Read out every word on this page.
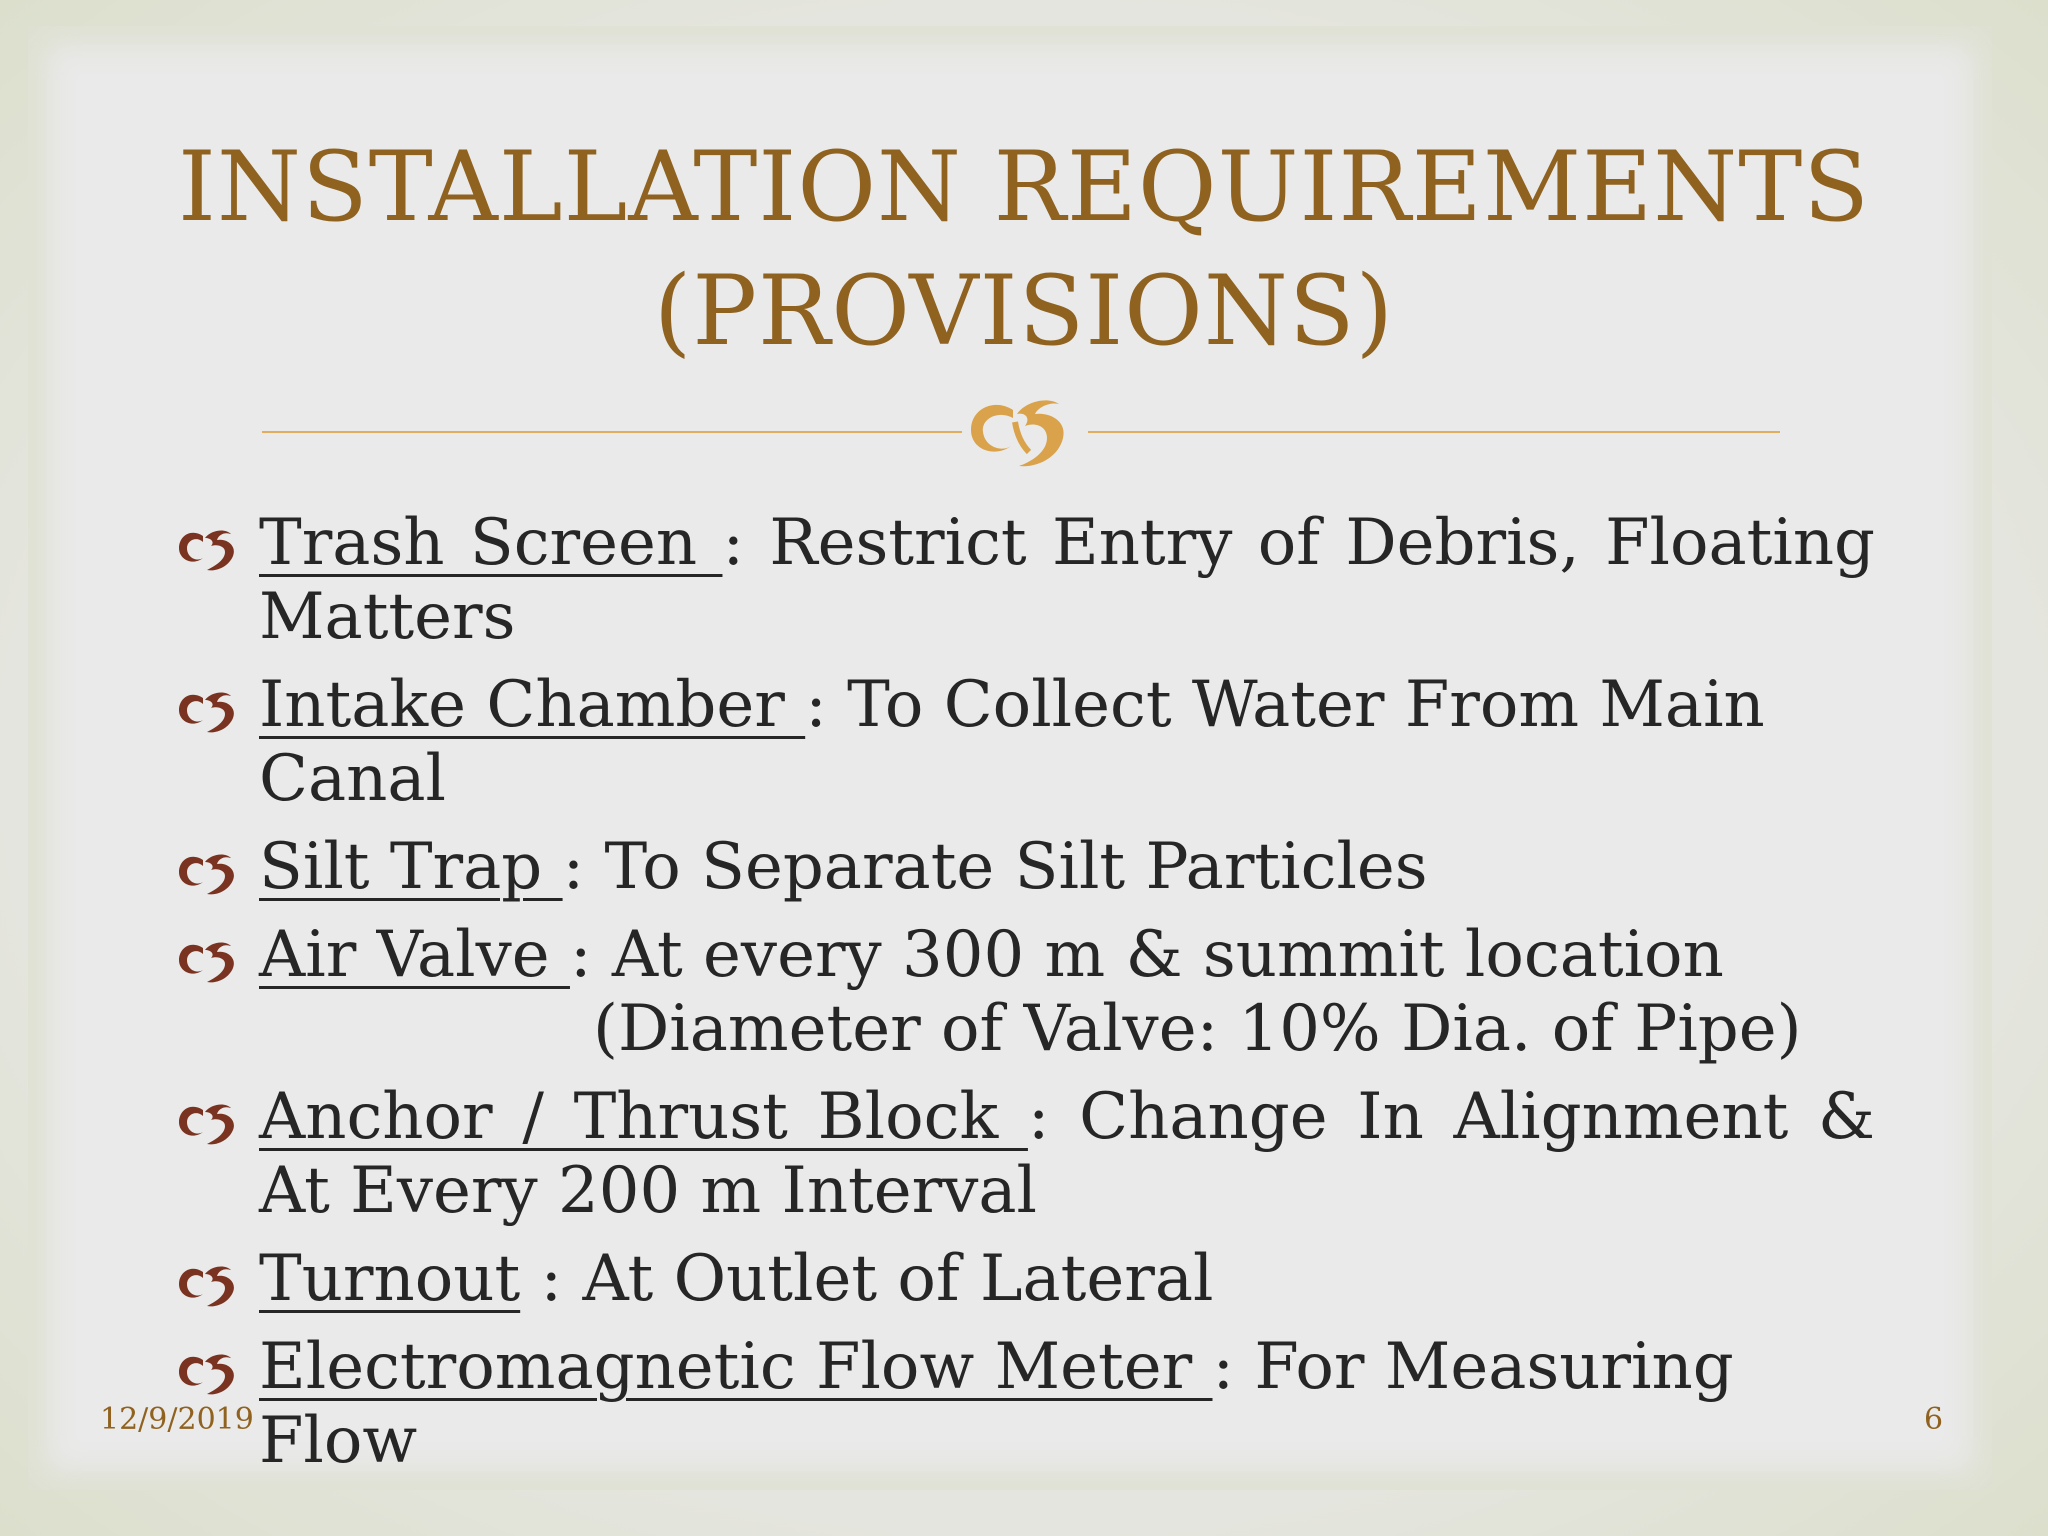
INSTALLATION REQUIREMENTS
(PROVISIONS)
Trash Screen : Restrict Entry of Debris, Floating Matters
Intake Chamber : To Collect Water From Main Canal
Silt Trap : To Separate Silt Particles
Air Valve : At every 300 m & summit location
(Diameter of Valve: 10% Dia. of Pipe)
Anchor / Thrust Block : Change In Alignment & At Every 200 m Interval
Turnout : At Outlet of Lateral
Electromagnetic Flow Meter : For Measuring Flow
12/9/2019	6
